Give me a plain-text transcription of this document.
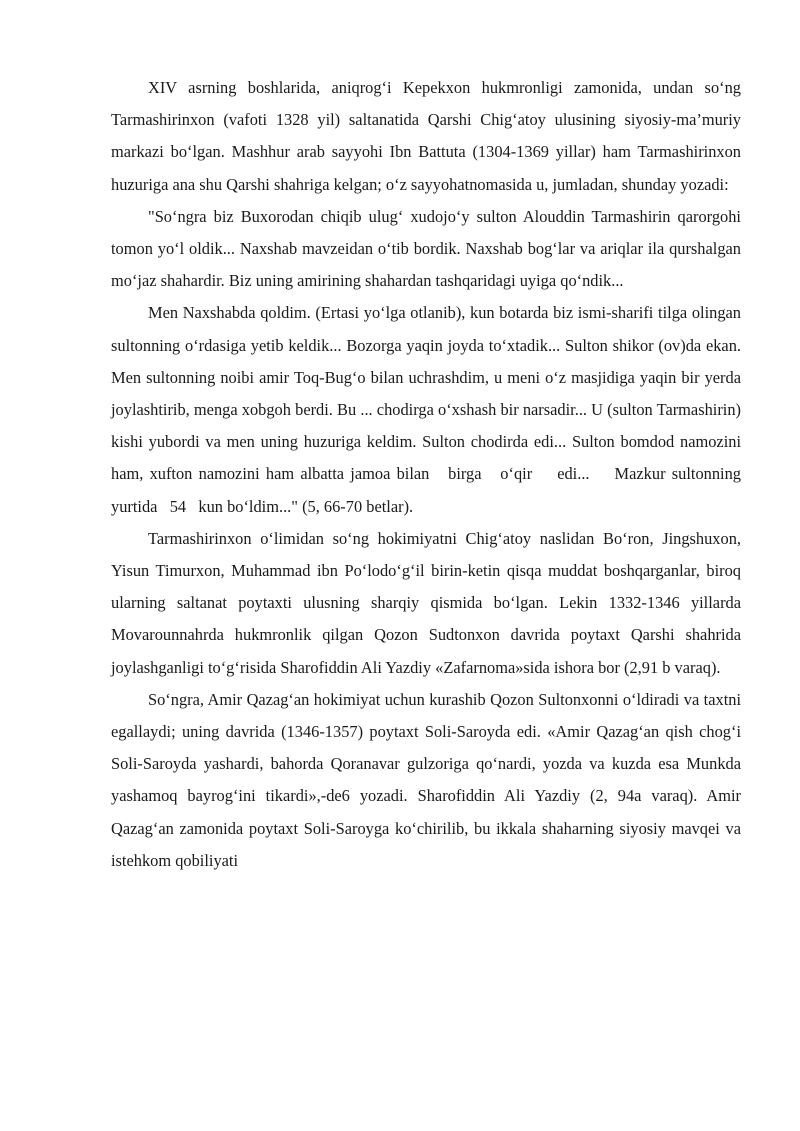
XIV asrning boshlarida, aniqrog‘i Kepekxon hukmronligi zamonida, undan so‘ng Tarmashirinxon (vafoti 1328 yil) saltanatida Qarshi Chig‘atoy ulusining siyosiy-ma’muriy markazi bo‘lgan. Mashhur arab sayyohi Ibn Battuta (1304-1369 yillar) ham Tarmashirinxon huzuriga ana shu Qarshi shahriga kelgan; o‘z sayyohatnomasida u, jumladan, shunday yozadi:

"So‘ngra biz Buxorodan chiqib ulug‘ xudojo‘y sulton Alouddin Tarmashirin qarorgohi tomon yo‘l oldik... Naxshab mavzeidan o‘tib bordik. Naxshab bog‘lar va ariqlar ila qurshalgan mo‘jaz shahardir. Biz uning amirining shahardan tashqaridagi uyiga qo‘ndik...

Men Naxshabda qoldim. (Ertasi yo‘lga otlanib), kun botarda biz ismi-sharifi tilga olingan sultonning o‘rdasiga yetib keldik... Bozorga yaqin joyda to‘xtadik... Sulton shikor (ov)da ekan. Men sultonning noibi amir Toq-Bug‘o bilan uchrashdim, u meni o‘z masjidiga yaqin bir yerda joylashtirib, menga xobgoh berdi. Bu ... chodirga o‘xshash bir narsadir... U (sulton Tarmashirin) kishi yubordi va men uning huzuriga keldim. Sulton chodirda edi... Sulton bomdod namozini ham, xufton namozini ham albatta jamoa bilan   birga   o‘qir    edi...    Mazkur sultonning  yurtida   54   kun bo‘ldim..." (5, 66-70 betlar).

Tarmashirinxon o‘limidan so‘ng hokimiyatni Chig‘atoy naslidan Bo‘ron, Jingshuxon, Yisun Timurxon, Muhammad ibn Po‘lodo‘g‘il birin-ketin qisqa muddat boshqarganlar, biroq ularning saltanat poytaxti ulusning sharqiy qismida bo‘lgan. Lekin 1332-1346 yillarda Movarounnahrda hukmronlik qilgan Qozon Sudtonxon davrida poytaxt Qarshi shahrida joylashganligi to‘g‘risida Sharofiddin Ali Yazdiy «Zafarnoma»sida ishora bor (2,91 b varaq).

So‘ngra, Amir Qazag‘an hokimiyat uchun kurashib Qozon Sultonxonni o‘ldiradi va taxtni egallaydi; uning davrida (1346-1357) poytaxt Soli-Saroyda edi. «Amir Qazag‘an qish chog‘i Soli-Saroyda yashardi, bahorda Qoranavar gulzoriga qo‘nardi, yozda va kuzda esa Munkda yashamoq bayrog‘ini tikardi»,-de6 yozadi. Sharofiddin Ali Yazdiy (2, 94a varaq). Amir Qazag‘an zamonida poytaxt Soli-Saroyga ko‘chirilib, bu ikkala shaharning siyosiy mavqei va istehkom qobiliyati
